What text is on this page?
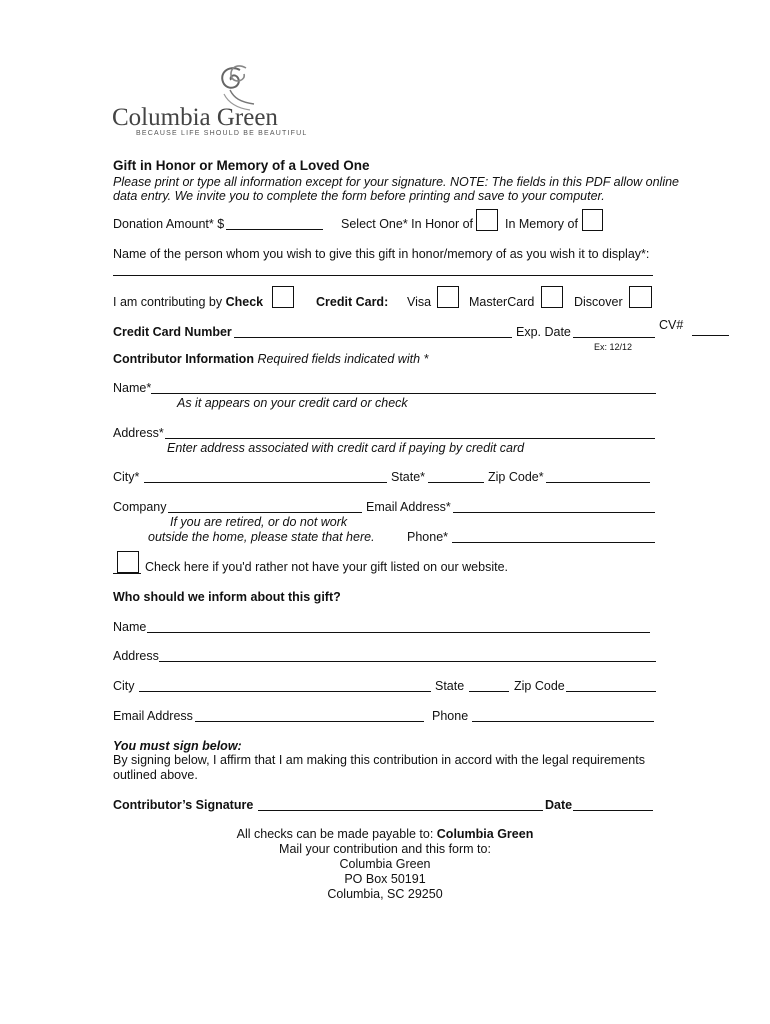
Columbia Green
BECAUSE LIFE SHOULD BE BEAUTIFUL
Gift in Honor or Memory of a Loved One
Please print or type all information except for your signature. NOTE: The fields in this PDF allow online
data entry. We invite you to complete the form before printing and save to your computer.
Donation Amount* $	Select One* In Honor of	In Memory of
Name of the person whom you wish to give this gift in honor/memory of as you wish it to display*:
I am contributing by Check	Credit Card: Visa	MasterCard	Discover
Credit Card Number	Exp. Date
Ex: 12/12
CV#
Contributor Information Required fields indicated with *
Name*
As it appears on your credit card or check
Address*
Enter address associated with credit card if paying by credit card
City*	State*	Zip Code*
Company	Email Address*
If you are retired, or do not work
outside the home, please state that here.	Phone*
Check here if you'd rather not have your gift listed on our website.
Who should we inform about this gift?
Name
Address
City	State	Zip Code
Email Address	Phone
You must sign below:
By signing below, I affirm that I am making this contribution in accord with the legal requirements
outlined above.
Contributor’s Signature	Date
All checks can be made payable to: Columbia Green
Mail your contribution and this form to:
Columbia Green
PO Box 50191
Columbia, SC 29250
